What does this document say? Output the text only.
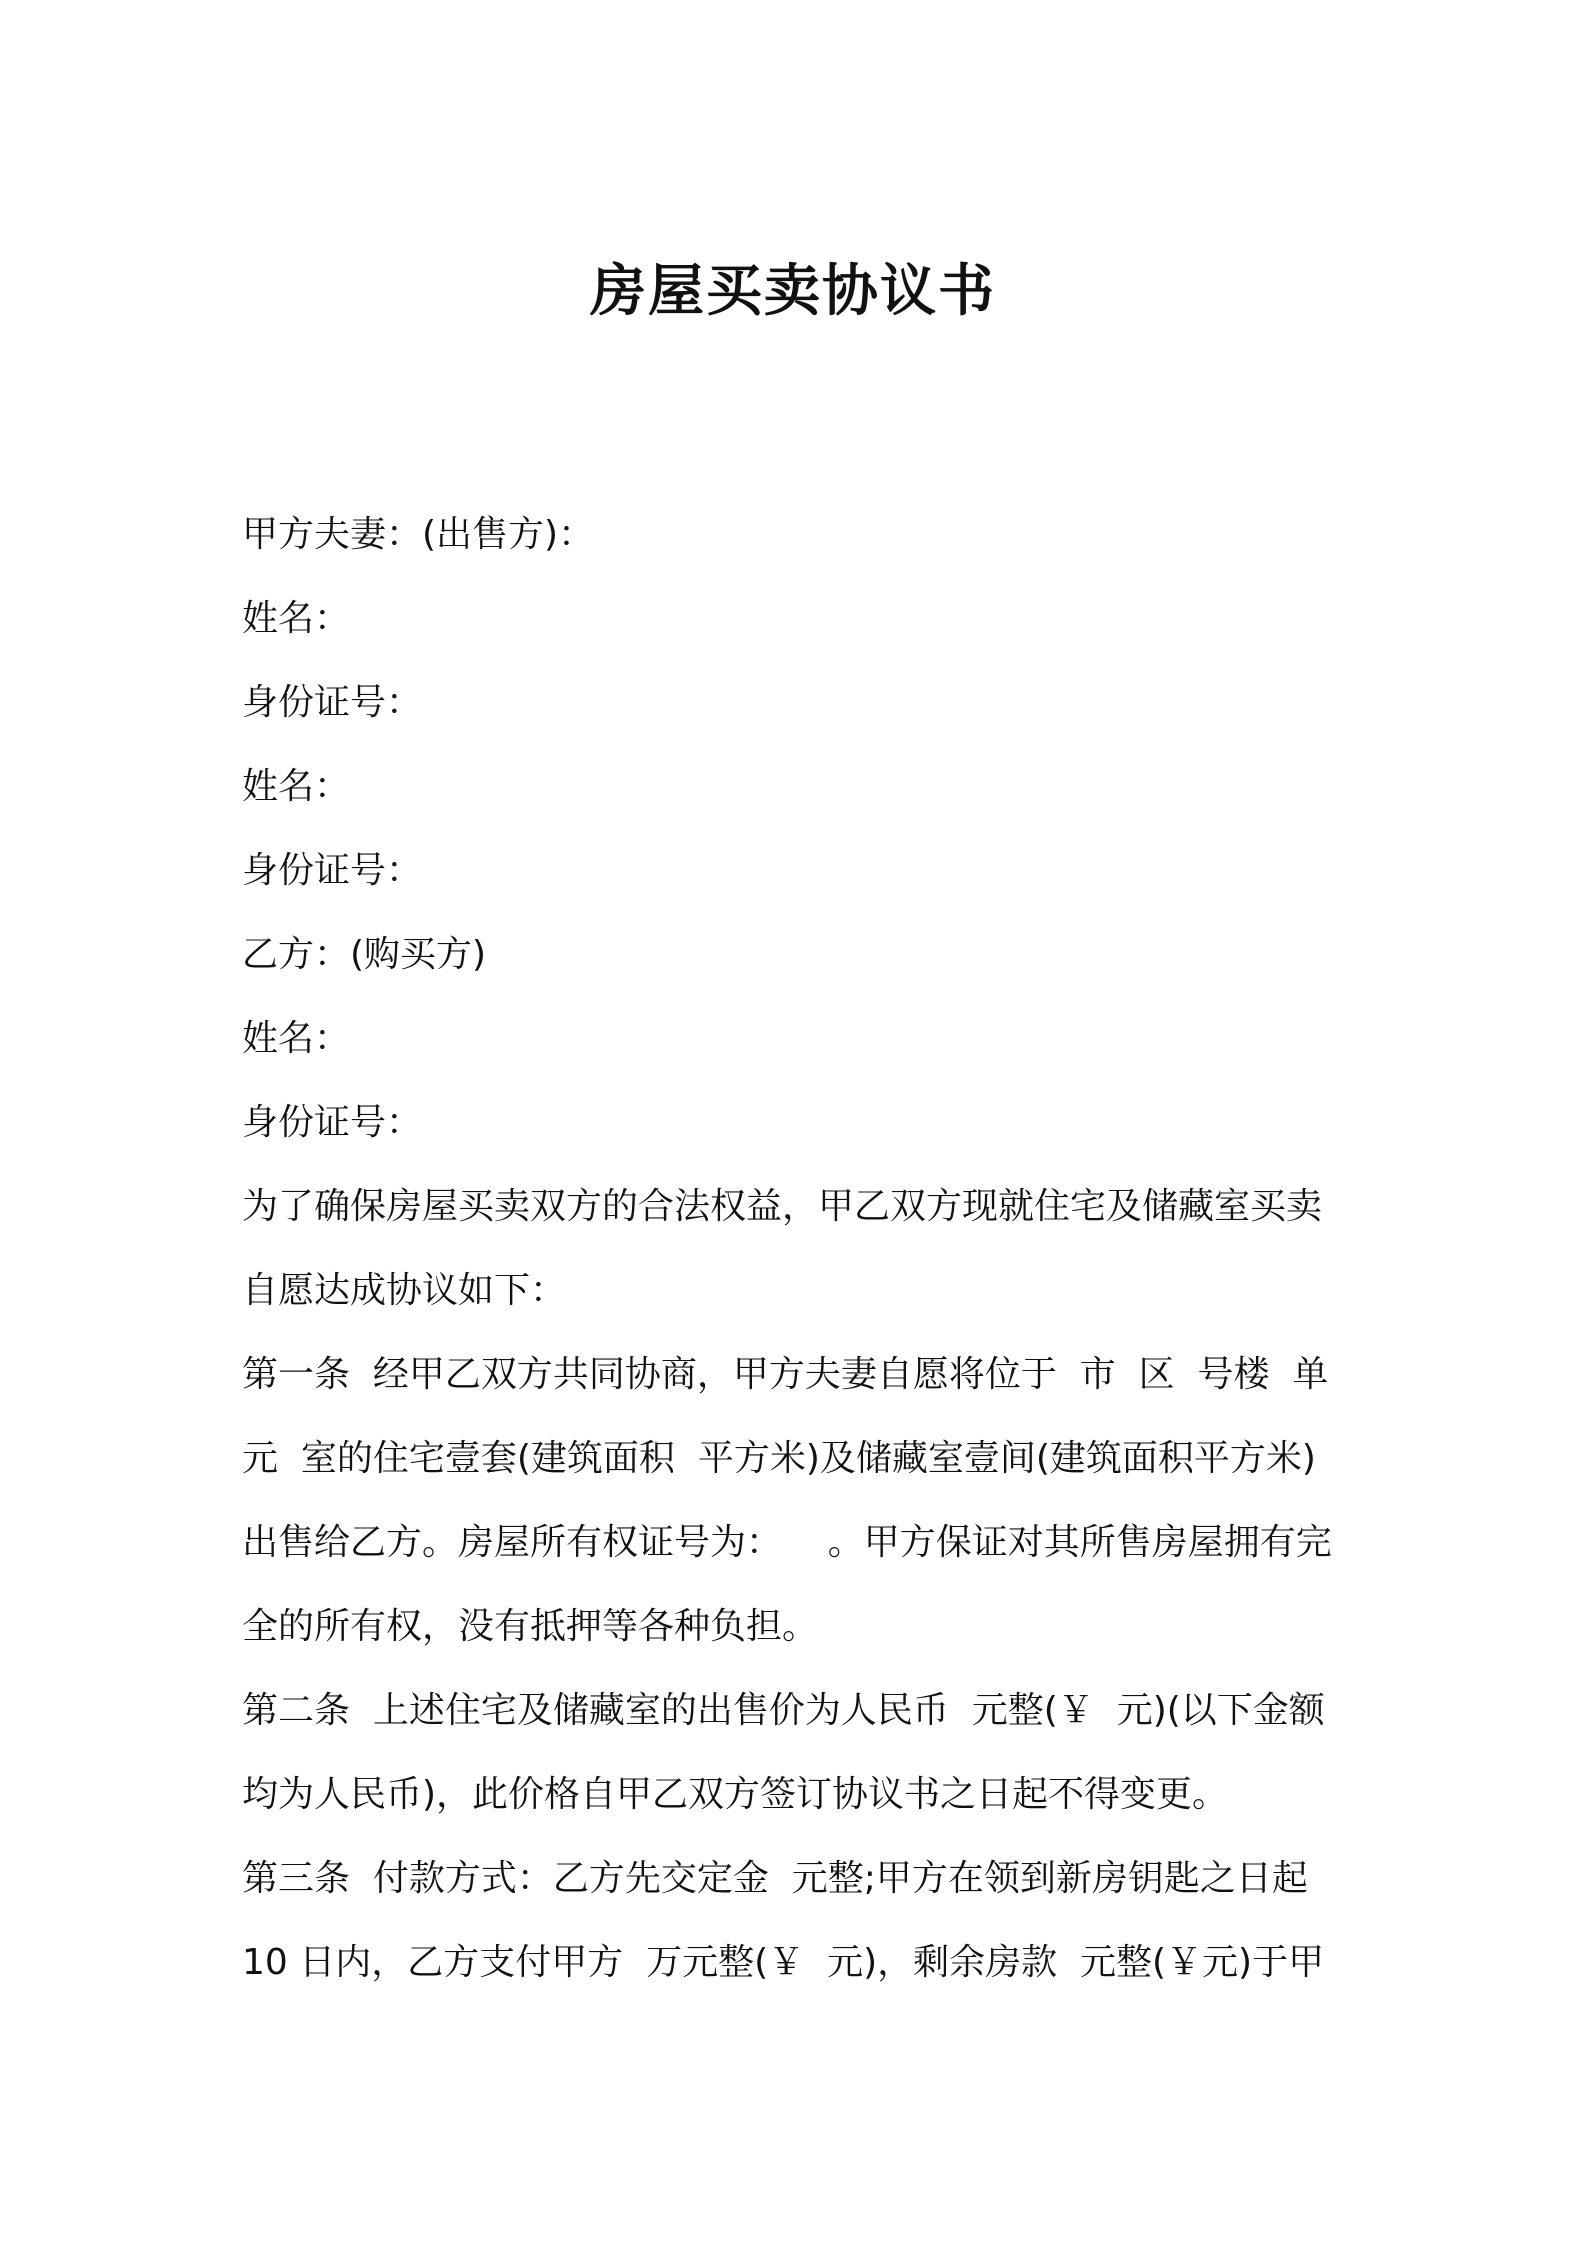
房屋买卖协议书
甲方夫妻：(出售方)：
姓名：
身份证号：
姓名：
身份证号：
乙方：(购买方)
姓名：
身份证号：
为了确保房屋买卖双方的合法权益，甲乙双方现就住宅及储藏室买卖
自愿达成协议如下：
第一条  经甲乙双方共同协商，甲方夫妻自愿将位于  市  区  号楼  单
元  室的住宅壹套(建筑面积  平方米)及储藏室壹间(建筑面积平方米)
出售给乙方。房屋所有权证号为：    。甲方保证对其所售房屋拥有完
全的所有权，没有抵押等各种负担。
第二条  上述住宅及储藏室的出售价为人民币  元整(￥  元)(以下金额
均为人民币)，此价格自甲乙双方签订协议书之日起不得变更。
第三条  付款方式：乙方先交定金  元整;甲方在领到新房钥匙之日起
10 日内，乙方支付甲方  万元整(￥  元)，剩余房款  元整(￥元)于甲
